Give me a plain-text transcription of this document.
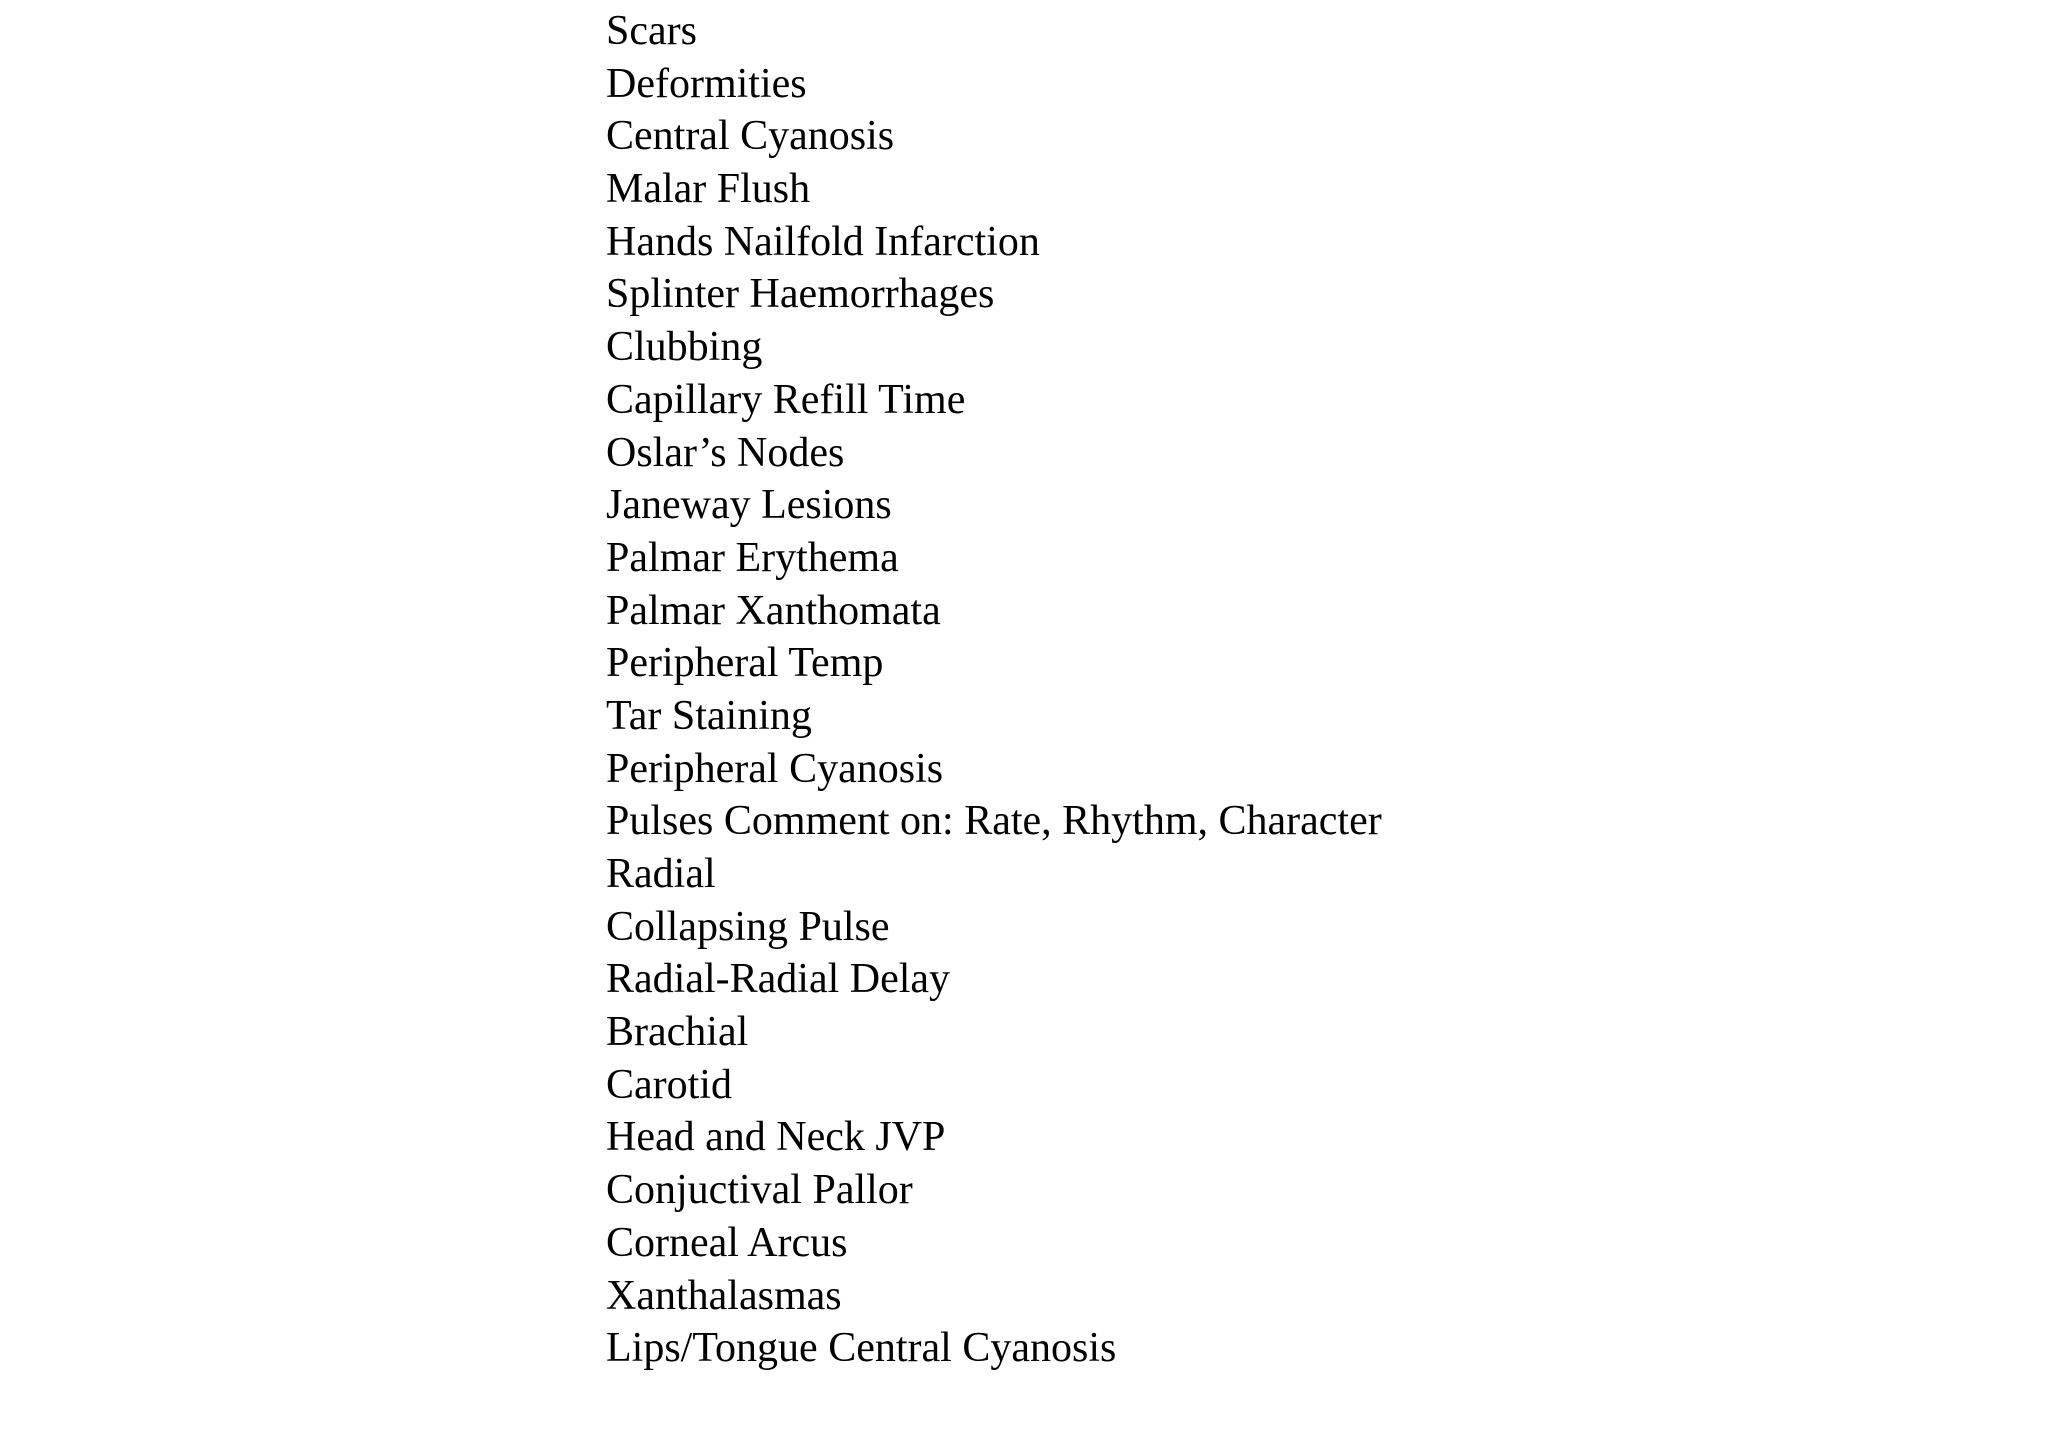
Scars
Deformities
Central Cyanosis
Malar Flush
Hands Nailfold Infarction
Splinter Haemorrhages
Clubbing
Capillary Refill Time
Oslar’s Nodes
Janeway Lesions
Palmar Erythema
Palmar Xanthomata
Peripheral Temp
Tar Staining
Peripheral Cyanosis
Pulses Comment on: Rate, Rhythm, Character
Radial
Collapsing Pulse
Radial-Radial Delay
Brachial
Carotid
Head and Neck JVP
Conjuctival Pallor
Corneal Arcus
Xanthalasmas
Lips/Tongue Central Cyanosis
